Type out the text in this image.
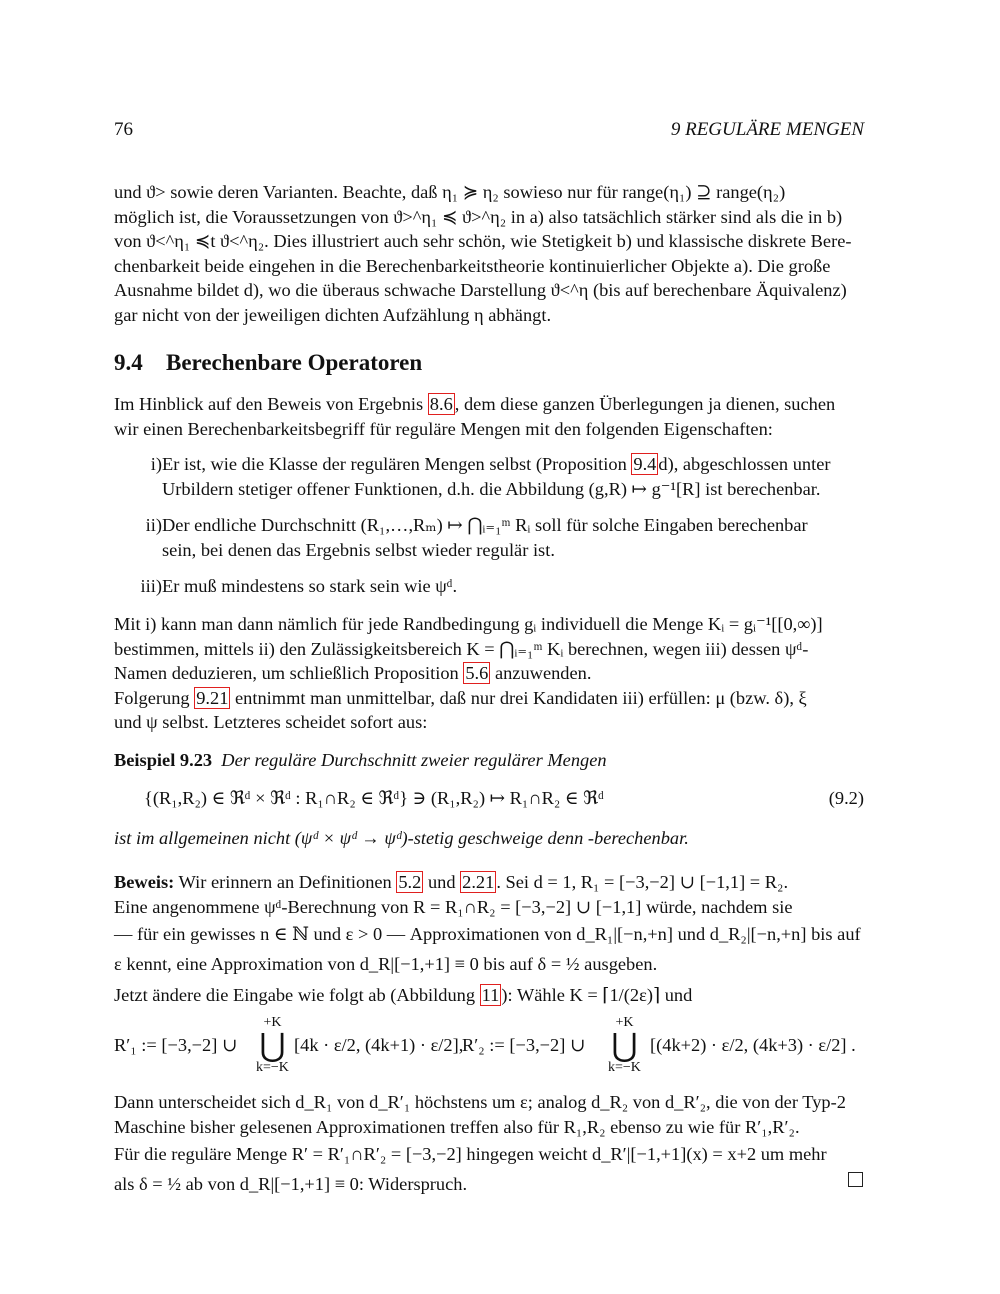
76	9 REGULÄRE MENGEN

und ϑ> sowie deren Varianten. Beachte, daß η₁ ≽ η₂ sowieso nur für range(η₁) ⊇ range(η₂)

möglich ist, die Voraussetzungen von ϑ>^η₁ ≼ ϑ>^η₂ in a) also tatsächlich stärker sind als die in b)

von ϑ<^η₁ ≼t ϑ<^η₂. Dies illustriert auch sehr schön, wie Stetigkeit b) und klassische diskrete Bere-

chenbarkeit beide eingehen in die Berechenbarkeitstheorie kontinuierlicher Objekte a). Die große

Ausnahme bildet d), wo die überaus schwache Darstellung ϑ<^η (bis auf berechenbare Äquivalenz)

gar nicht von der jeweiligen dichten Aufzählung η abhängt.

9.4 Berechenbare Operatoren

Im Hinblick auf den Beweis von Ergebnis 8.6 , dem diese ganzen Überlegungen ja dienen, suchen

wir einen Berechenbarkeitsbegriff für reguläre Mengen mit den folgenden Eigenschaften:

i) Er ist, wie die Klasse der regulären Mengen selbst (Proposition 9.4 d), abgeschlossen unter
Urbildern stetiger offener Funktionen, d.h. die Abbildung (g,R) ↦ g⁻¹[R] ist berechenbar.
ii) Der endliche Durchschnitt (R₁,…,Rₘ) ↦ ⋂ᵢ₌₁ᵐ Rᵢ soll für solche Eingaben berechenbar
sein, bei denen das Ergebnis selbst wieder regulär ist.
iii) Er muß mindestens so stark sein wie ψᵈ.

Mit i) kann man dann nämlich für jede Randbedingung gᵢ individuell die Menge Kᵢ = gᵢ⁻¹[[0,∞)]

bestimmen, mittels ii) den Zulässigkeitsbereich K = ⋂ᵢ₌₁ᵐ Kᵢ berechnen, wegen iii) dessen ψᵈ-

Namen deduzieren, um schließlich Proposition 5.6 anzuwenden.

Folgerung 9.21 entnimmt man unmittelbar, daß nur drei Kandidaten iii) erfüllen: μ (bzw. δ), ξ

und ψ selbst. Letzteres scheidet sofort aus:

Beispiel 9.23 Der reguläre Durchschnitt zweier regulärer Mengen

{(R₁,R₂) ∈ ℜᵈ × ℜᵈ : R₁∩R₂ ∈ ℜᵈ} ∋ (R₁,R₂) ↦ R₁∩R₂ ∈ ℜᵈ	(9.2)
ist im allgemeinen nicht (ψᵈ × ψᵈ → ψᵈ)-stetig geschweige denn -berechenbar.

Beweis: Wir erinnern an Definitionen 5.2 und 2.21 . Sei d = 1, R₁ = [−3,−2] ∪ [−1,1] = R₂.

Eine angenommene ψᵈ-Berechnung von R = R₁∩R₂ = [−3,−2] ∪ [−1,1] würde, nachdem sie

— für ein gewisses n ∈ ℕ und ε > 0 — Approximationen von d_R₁|[−n,+n] und d_R₂|[−n,+n] bis auf

ε kennt, eine Approximation von d_R|[−1,+1] ≡ 0 bis auf δ = ½ ausgeben.

Jetzt ändere die Eingabe wie folgt ab (Abbildung 11 ): Wähle K = ⌈1/(2ε)⌉ und

R′₁ := [−3,−2] ∪
+K
⋃
k=−K
[4k · ε/2, (4k+1) · ε/2],
R′₂ := [−3,−2] ∪
+K
⋃
k=−K
[(4k+2) · ε/2, (4k+3) · ε/2] .

Dann unterscheidet sich d_R₁ von d_R′₁ höchstens um ε; analog d_R₂ von d_R′₂, die von der Typ-2

Maschine bisher gelesenen Approximationen treffen also für R₁,R₂ ebenso zu wie für R′₁,R′₂.

Für die reguläre Menge R′ = R′₁∩R′₂ = [−3,−2] hingegen weicht d_R′|[−1,+1](x) = x+2 um mehr

als δ = ½ ab von d_R|[−1,+1] ≡ 0: Widerspruch.
